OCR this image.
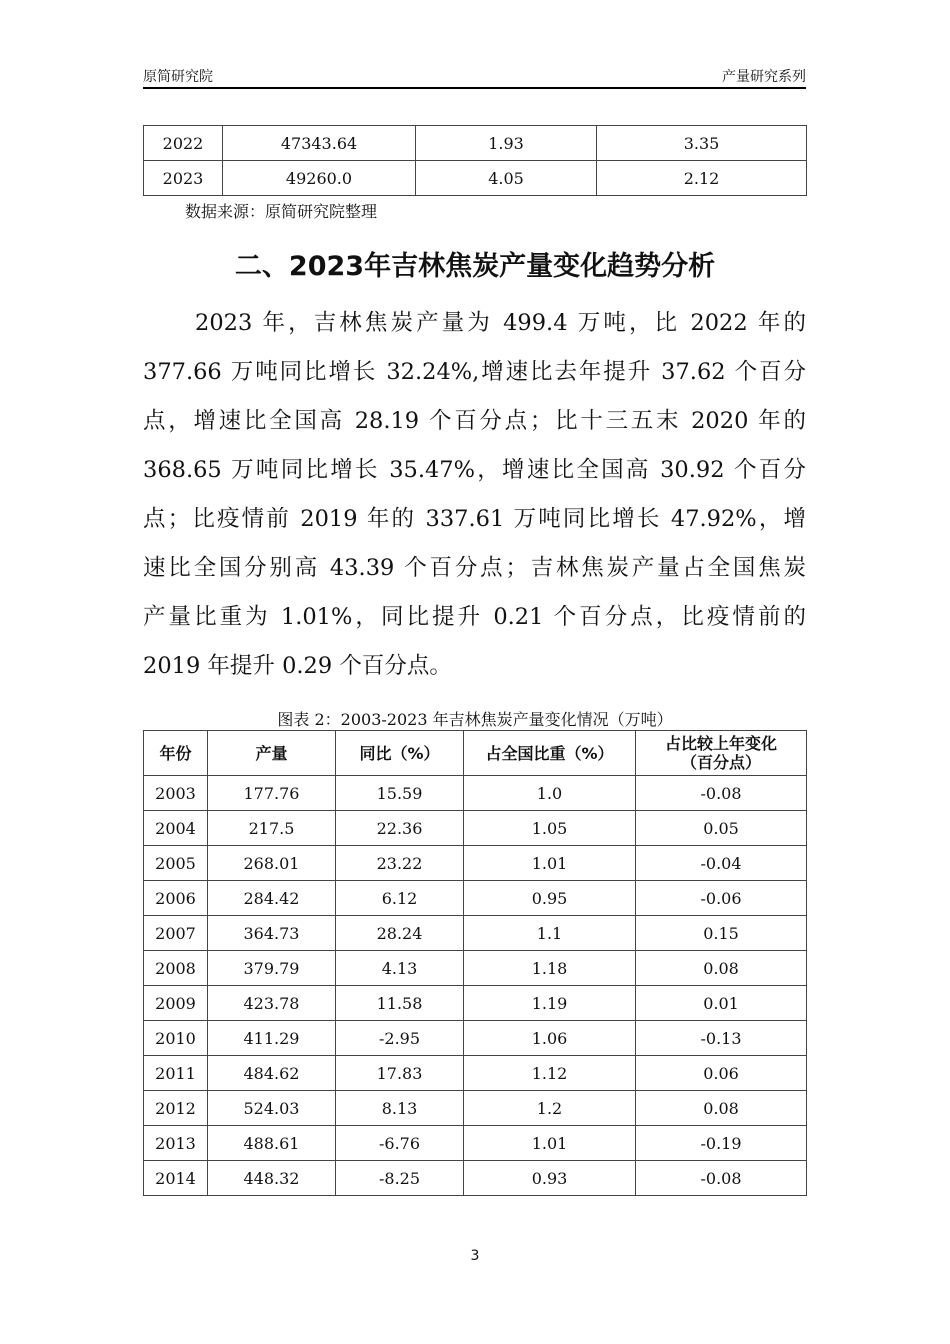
原简研究院	产量研究系列
2022	47343.64	1.93	3.35
2023	49260.0	4.05	2.12
数据来源：原简研究院整理
二、2023年吉林焦炭产量变化趋势分析
2023 年，吉林焦炭产量为 499.4 万吨，比 2022 年的
377.66 万吨同比增长 32.24%,增速比去年提升 37.62 个百分
点，增速比全国高 28.19 个百分点；比十三五末 2020 年的
368.65 万吨同比增长 35.47%，增速比全国高 30.92 个百分
点；比疫情前 2019 年的 337.61 万吨同比增长 47.92%，增
速比全国分别高 43.39 个百分点；吉林焦炭产量占全国焦炭
产量比重为 1.01%，同比提升 0.21 个百分点，比疫情前的
2019 年提升 0.29 个百分点。
图表 2：2003-2023 年吉林焦炭产量变化情况（万吨）
年份	产量	同比（%）	占全国比重（%）	占比较上年变化
（百分点）
2003	177.76	15.59	1.0	-0.08
2004	217.5	22.36	1.05	0.05
2005	268.01	23.22	1.01	-0.04
2006	284.42	6.12	0.95	-0.06
2007	364.73	28.24	1.1	0.15
2008	379.79	4.13	1.18	0.08
2009	423.78	11.58	1.19	0.01
2010	411.29	-2.95	1.06	-0.13
2011	484.62	17.83	1.12	0.06
2012	524.03	8.13	1.2	0.08
2013	488.61	-6.76	1.01	-0.19
2014	448.32	-8.25	0.93	-0.08
3
